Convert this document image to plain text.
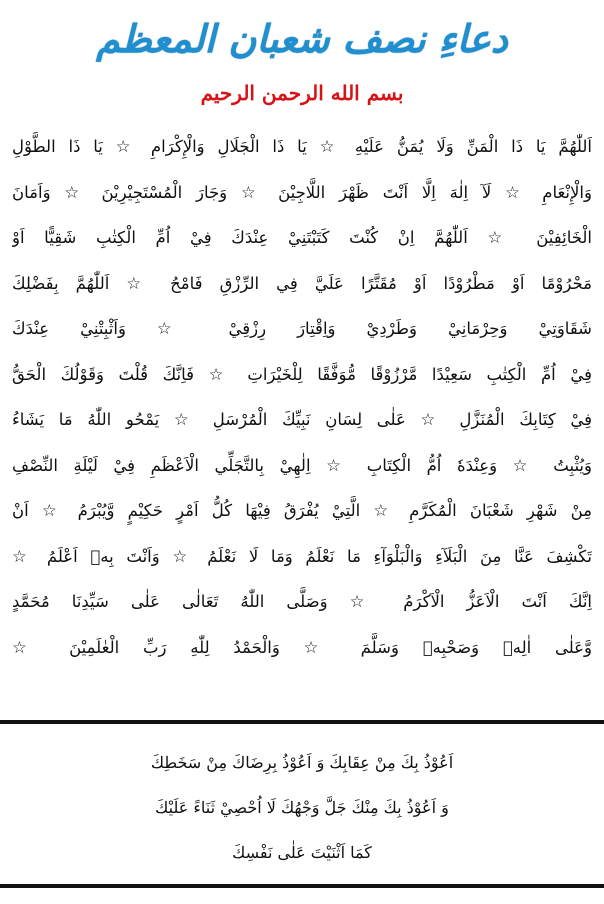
دعاءِ نصف شعبان المعظم
بسم الله الرحمن الرحيم
اَللّٰهُمَّ يَا ذَا الْمَنِّ وَلَا يُمَنُّ عَلَيْهِ ☆ يَا ذَا الْجَلَالِ وَالْإِكْرَامِ ☆ يَا ذَا الطَّوْلِ
وَالْإِنْعَامِ ☆ لَآ اِلٰهَ اِلَّا اَنْتَ ظَهْرَ اللَّاجِيْنَ ☆ وَجَارَ الْمُسْتَجِيْرِيْنَ ☆ وَاَمَانَ
الْخَائِفِيْنَ ☆ اَللّٰهُمَّ اِنْ كُنْتَ كَتَبْتَنِيْ عِنْدَكَ فِيْ اُمِّ الْكِتٰبِ شَقِيًّا اَوْ
مَحْرُوْمًا اَوْ مَطْرُوْدًا اَوْ مُقَتَّرًا عَلَيَّ فِي الرِّزْقِ فَامْحُ ☆ اَللّٰهُمَّ بِفَضْلِكَ
شَقَاوَتِيْ وَحِرْمَانِيْ وَطَرْدِيْ وَاِقْتِارَ رِزْقِيْ ☆ وَاَثْبِتْنِيْ عِنْدَكَ
فِيْ اُمِّ الْكِتٰبِ سَعِيْدًا مَّرْزُوْقًا مُّوَفَّقًا لِلْخَيْرَاتِ ☆ فَاِنَّكَ قُلْتَ وَقَوْلُكَ الْحَقُّ
فِيْ كِتَابِكَ الْمُنَزَّلِ ☆ عَلٰى لِسَانِ نَبِيِّكَ الْمُرْسَلِ ☆ يَمْحُو اللّٰهُ مَا يَشَاءُ
وَيُثْبِتُ ☆ وَعِنْدَهٗ اُمُّ الْكِتَابِ ☆ اِلٰهِيْ بِالتَّجَلِّي الْاَعْظَمِ فِيْ لَيْلَةِ النِّصْفِ
مِنْ شَهْرِ شَعْبَانَ الْمُكَرَّمِ ☆ الَّتِيْ يُفْرَقُ فِيْهَا كُلُّ اَمْرٍ حَكِيْمٍ وَّيُبْرَمُ ☆ اَنْ
تَكْشِفَ عَنَّا مِنَ الْبَلَآءِ وَالْبَلْوَآءِ مَا نَعْلَمُ وَمَا لَا نَعْلَمُ ☆ وَاَنْتَ بِهٖ اَعْلَمُ ☆
اِنَّكَ اَنْتَ الْاَعَزُّ الْاَكْرَمُ ☆ وَصَلَّى اللّٰهُ تَعَالٰى عَلٰى سَيِّدِنَا مُحَمَّدٍ
وَّعَلٰى اٰلِهٖ وَصَحْبِهٖ وَسَلَّمَ ☆ وَالْحَمْدُ لِلّٰهِ رَبِّ الْعٰلَمِيْنَ ☆
اَعُوْذُ بِكَ مِنْ عِقَابِكَ وَ اَعُوْذُ بِرِضَاكَ مِنْ سَخَطِكَ
وَ اَعُوْذُ بِكَ مِنْكَ جَلَّ وَجْهُكَ لَا اُحْصِيْ ثَنَاءً عَلَيْكَ
كَمَا اَثْنَيْتَ عَلٰى نَفْسِكَ
